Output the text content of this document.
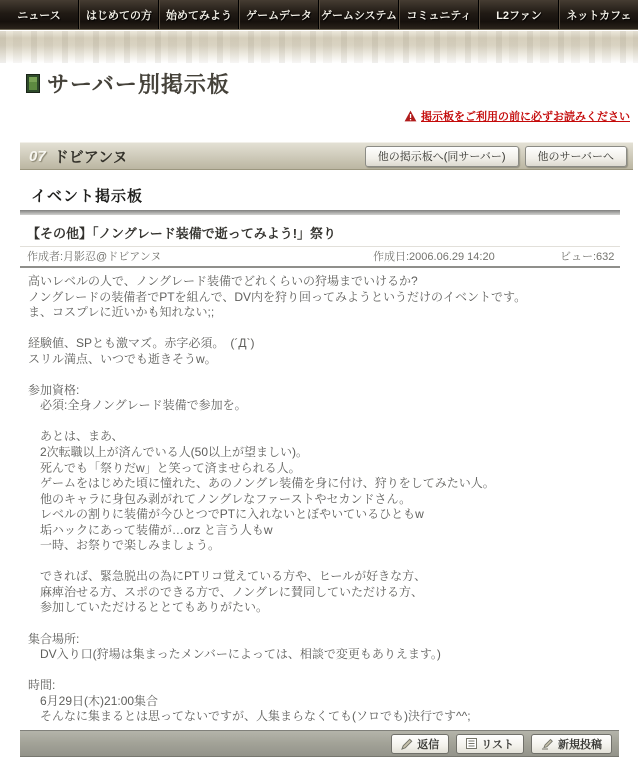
ニュース	はじめての方	始めてみよう	ゲームデータ ゲームシステム コミュニティ	L2ファン	ネットカフェ
サーバー別掲示板
掲示板をご利用の前に必ずお読みください
07 ドビアンヌ	他の掲示板へ(同サーバー)	他のサーバーへ
イベント掲示板
【その他】「ノングレード装備で逝ってみよう!」祭り
作成者:月影忍@ドビアンヌ	作成日:2006.06.29 14:20	ビュー:632
高いレベルの人で、ノングレード装備でどれくらいの狩場までいけるか?
ノングレードの装備者でPTを組んで、DV内を狩り回ってみようというだけのイベントです。
ま、コスプレに近いかも知れない;;

経験値、SPとも激マズ。赤字必須。　(´Д`)
スリル満点、いつでも逝きそうw。

参加資格:
　必須:全身ノングレード装備で参加を。

　あとは、まあ、
　2次転職以上が済んでいる人(50以上が望ましい)。
　死んでも「祭りだw」と笑って済ませられる人。
　ゲームをはじめた頃に憧れた、あのノングレ装備を身に付け、狩りをしてみたい人。
　他のキャラに身包み剥がれてノングレなファーストやセカンドさん。
　レベルの割りに装備が今ひとつでPTに入れないとぼやいているひともw
　垢ハックにあって装備が…orz と言う人もw
　一時、お祭りで楽しみましょう。

　できれば、緊急脱出の為にPTリコ覚えている方や、ヒールが好きな方、
　麻痺治せる方、スポのできる方で、ノングレに賛同していただける方、
　参加していただけるととてもありがたい。

集合場所:
　DV入り口(狩場は集まったメンバーによっては、相談で変更もありえます。)

時間:
　6月29日(木)21:00集合
　そんなに集まるとは思ってないですが、人集まらなくても(ソロでも)決行です^^;
返信	リスト	新規投稿
